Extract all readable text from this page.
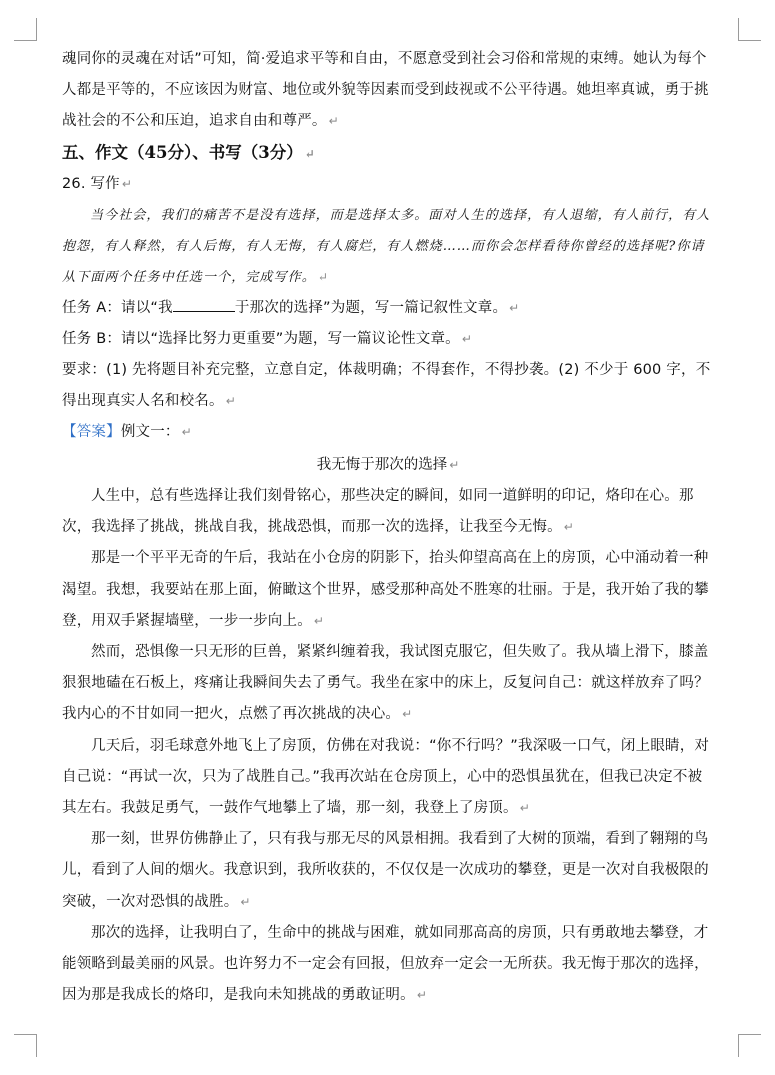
魂同你的灵魂在对话”可知，简·爱追求平等和自由，不愿意受到社会习俗和常规的束缚。她认为每个人都是平等的，不应该因为财富、地位或外貌等因素而受到歧视或不公平待遇。她坦率真诚，勇于挑战社会的不公和压迫，追求自由和尊严。 ↵

五、作文（45分）、书写（3分） ↵

26. 写作 ↵

当今社会，我们的痛苦不是没有选择，而是选择太多。面对人生的选择，有人退缩，有人前行，有人抱怨，有人释然，有人后悔，有人无悔，有人腐烂，有人燃烧……而你会怎样看待你曾经的选择呢?你请从下面两个任务中任选一个，完成写作。 ↵

任务 A：请以“我	于那次的选择”为题，写一篇记叙性文章。 ↵

任务 B：请以“选择比努力更重要”为题，写一篇议论性文章。 ↵

要求：(1) 先将题目补充完整，立意自定，体裁明确；不得套作，不得抄袭。(2) 不少于 600 字，不得出现真实人名和校名。 ↵

【答案】例文一： ↵

我无悔于那次的选择 ↵

人生中，总有些选择让我们刻骨铭心，那些决定的瞬间，如同一道鲜明的印记，烙印在心。那次，我选择了挑战，挑战自我，挑战恐惧，而那一次的选择，让我至今无悔。 ↵

那是一个平平无奇的午后，我站在小仓房的阴影下，抬头仰望高高在上的房顶，心中涌动着一种渴望。我想，我要站在那上面，俯瞰这个世界，感受那种高处不胜寒的壮丽。于是，我开始了我的攀登，用双手紧握墙壁，一步一步向上。 ↵

然而，恐惧像一只无形的巨兽，紧紧纠缠着我，我试图克服它，但失败了。我从墙上滑下，膝盖狠狠地磕在石板上，疼痛让我瞬间失去了勇气。我坐在家中的床上，反复问自己：就这样放弃了吗？我内心的不甘如同一把火，点燃了再次挑战的决心。 ↵

几天后，羽毛球意外地飞上了房顶，仿佛在对我说：“你不行吗？”我深吸一口气，闭上眼睛，对自己说：“再试一次，只为了战胜自己。”我再次站在仓房顶上，心中的恐惧虽犹在，但我已决定不被其左右。我鼓足勇气，一鼓作气地攀上了墙，那一刻，我登上了房顶。 ↵

那一刻，世界仿佛静止了，只有我与那无尽的风景相拥。我看到了大树的顶端，看到了翱翔的鸟儿，看到了人间的烟火。我意识到，我所收获的，不仅仅是一次成功的攀登，更是一次对自我极限的突破，一次对恐惧的战胜。 ↵

那次的选择，让我明白了，生命中的挑战与困难，就如同那高高的房顶，只有勇敢地去攀登，才能领略到最美丽的风景。也许努力不一定会有回报，但放弃一定会一无所获。我无悔于那次的选择，因为那是我成长的烙印，是我向未知挑战的勇敢证明。 ↵
